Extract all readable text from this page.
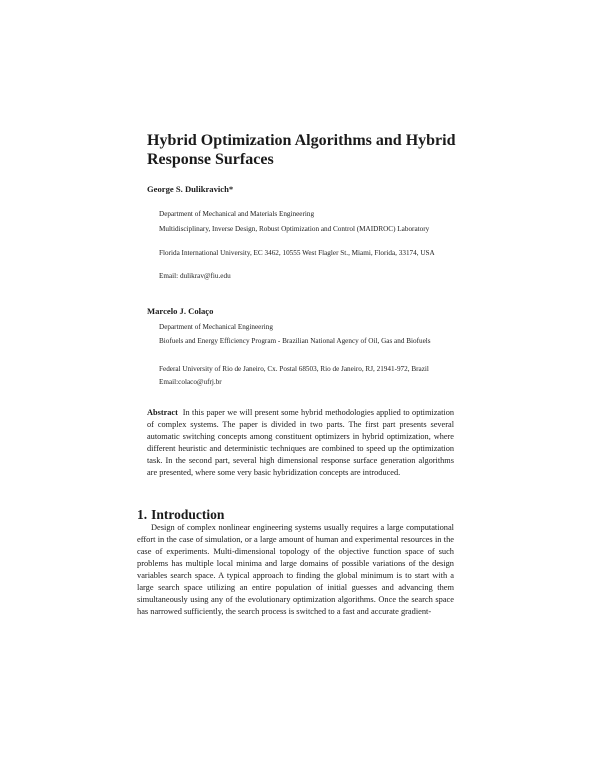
Hybrid Optimization Algorithms and Hybrid
Response Surfaces
George S. Dulikravich*
Department of Mechanical and Materials Engineering
Multidisciplinary, Inverse Design, Robust Optimization and Control (MAIDROC) Laboratory
Florida International University, EC 3462, 10555 West Flagler St., Miami, Florida, 33174, USA
Email: dulikrav@fiu.edu
Marcelo J. Colaço
Department of Mechanical Engineering
Biofuels and Energy Efficiency Program - Brazilian National Agency of Oil, Gas and Biofuels
Federal University of Rio de Janeiro, Cx. Postal 68503, Rio de Janeiro, RJ, 21941-972, Brazil
Email:colaco@ufrj.br
Abstract In this paper we will present some hybrid methodologies applied to optimization of complex systems. The paper is divided in two parts. The first part presents several automatic switching concepts among constituent optimizers in hybrid optimization, where different heuristic and deterministic techniques are combined to speed up the optimization task. In the second part, several high dimensional response surface generation algorithms are presented, where some very basic hybridization concepts are introduced.
1. Introduction
Design of complex nonlinear engineering systems usually requires a large computational effort in the case of simulation, or a large amount of human and experimental resources in the case of experiments. Multi-dimensional topology of the objective function space of such problems has multiple local minima and large domains of possible variations of the design variables search space. A typical approach to finding the global minimum is to start with a large search space utilizing an entire population of initial guesses and advancing them simultaneously using any of the evolutionary optimization algorithms. Once the search space has narrowed sufficiently, the search process is switched to a fast and accurate gradient-
